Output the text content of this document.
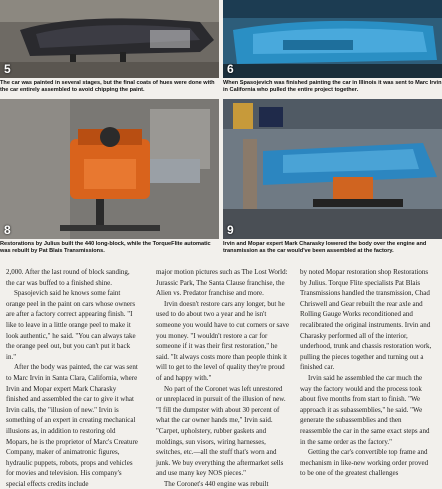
5
The car was painted in several stages, but the final coats of hues were done with the car entirely assembled to avoid chipping the paint.
6
When Spasojevich was finished painting the car in Illinois it was sent to Marc Irvin in California who pulled the entire project together.
8
Restorations by Julius built the 440 long-block, while the TorqueFlite automatic was rebuilt by Pat Blais Transmissions.
9
Irvin and Mopar expert Mark Charasky lowered the body over the engine and transmission as the car would've been assembled at the factory.

2,000. After the last round of block sanding, the car was buffed to a finished shine.

Spasojevich said he knows some faint orange peel in the paint on cars whose owners are after a factory correct appearing finish. "I like to leave in a little orange peel to make it look authentic," he said. "You can always take the orange peel out, but you can't put it back in."

After the body was painted, the car was sent to Marc Irvin in Santa Clara, California, where Irvin and Mopar expert Mark Charasky finished and assembled the car to give it what Irvin calls, the "illusion of new." Irvin is something of an expert in creating mechanical illusions as, in addition to restoring old Mopars, he is the proprietor of Marc's Creature Company, maker of animatronic figures, hydraulic puppets, robots, props and vehicles for movies and television. His company's special effects credits include

major motion pictures such as The Lost World: Jurassic Park, The Santa Clause franchise, the Alien vs. Predator franchise and more.

Irvin doesn't restore cars any longer, but he used to do about two a year and he isn't someone you would have to cut corners or save you money. "I wouldn't restore a car for someone if it was their first restoration," he said. "It always costs more than people think it will to get to the level of quality they're proud of and happy with."

No part of the Coronet was left unrestored or unreplaced in pursuit of the illusion of new. "I fill the dumpster with about 30 percent of what the car owner hands me," Irvin said. "Carpet, upholstery, rubber gaskets and moldings, sun visors, wiring harnesses, switches, etc.—all the stuff that's worn and junk. We buy everything the aftermarket sells and use many key NOS pieces."

The Coronet's 440 engine was rebuilt

by noted Mopar restoration shop Restorations by Julius. Torque Flite specialists Pat Blais Transmissions handled the transmission, Chad Chriswell and Gear rebuilt the rear axle and Rolling Gauge Works reconditioned and recalibrated the original instruments. Irvin and Charasky performed all of the interior, underhood, trunk and chassis restoration work, pulling the pieces together and turning out a finished car.

Irvin said he assembled the car much the way the factory would and the process took about five months from start to finish. "We approach it as subassemblies," he said. "We generate the subassemblies and then reassemble the car in the same exact steps and in the same order as the factory."

Getting the car's convertible top frame and mechanism in like-new working order proved to be one of the greatest challenges
